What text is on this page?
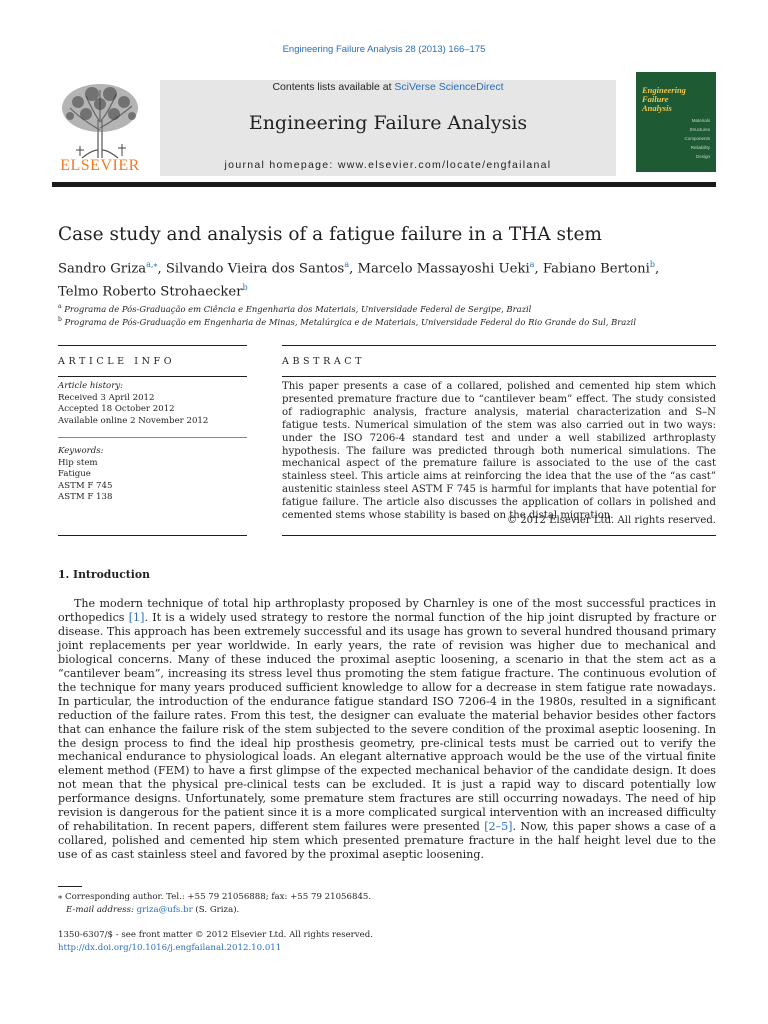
Engineering Failure Analysis 28 (2013) 166–175
ELSEVIER
Contents lists available at SciVerse ScienceDirect
Engineering Failure Analysis
journal homepage: www.elsevier.com/locate/engfailanal
Engineering
Failure
Analysis
Materials
Structures
Components
Reliability
Design
Case study and analysis of a fatigue failure in a THA stem
Sandro Griza$^{a,⁎}$, Silvando Vieira dos Santos$^a$, Marcelo Massayoshi Ueki$^a$, Fabiano Bertoni$^b$,
Telmo Roberto Strohaecker$^b$
$^a$ Programa de Pós-Graduação em Ciência e Engenharia dos Materiais, Universidade Federal de Sergipe, Brazil
$^b$ Programa de Pós-Graduação em Engenharia de Minas, Metalúrgica e de Materiais, Universidade Federal do Rio Grande do Sul, Brazil
ARTICLE INFO
Article history:
Received 3 April 2012
Accepted 18 October 2012
Available online 2 November 2012
Keywords:
Hip stem
Fatigue
ASTM F 745
ASTM F 138
ABSTRACT
This paper presents a case of a collared, polished and cemented hip stem which presented premature fracture due to “cantilever beam” effect. The study consisted of radiographic analysis, fracture analysis, material characterization and S–N fatigue tests. Numerical simulation of the stem was also carried out in two ways: under the ISO 7206-4 standard test and under a well stabilized arthroplasty hypothesis. The failure was predicted through both numerical simulations. The mechanical aspect of the premature failure is associated to the use of the cast stainless steel. This article aims at reinforcing the idea that the use of the “as cast” austenitic stainless steel ASTM F 745 is harmful for implants that have potential for fatigue failure. The article also discusses the application of collars in polished and cemented stems whose stability is based on the distal migration.
© 2012 Elsevier Ltd. All rights reserved.
1. Introduction
The modern technique of total hip arthroplasty proposed by Charnley is one of the most successful practices in orthopedics [1]. It is a widely used strategy to restore the normal function of the hip joint disrupted by fracture or disease. This approach has been extremely successful and its usage has grown to several hundred thousand primary joint replacements per year worldwide. In early years, the rate of revision was higher due to mechanical and biological concerns. Many of these induced the proximal aseptic loosening, a scenario in that the stem act as a “cantilever beam”, increasing its stress level thus promoting the stem fatigue fracture. The continuous evolution of the technique for many years produced sufficient knowledge to allow for a decrease in stem fatigue rate nowadays. In particular, the introduction of the endurance fatigue standard ISO 7206-4 in the 1980s, resulted in a significant reduction of the failure rates. From this test, the designer can evaluate the material behavior besides other factors that can enhance the failure risk of the stem subjected to the severe condition of the proximal aseptic loosening. In the design process to find the ideal hip prosthesis geometry, pre-clinical tests must be carried out to verify the mechanical endurance to physiological loads. An elegant alternative approach would be the use of the virtual finite element method (FEM) to have a first glimpse of the expected mechanical behavior of the candidate design. It does not mean that the physical pre-clinical tests can be excluded. It is just a rapid way to discard potentially low performance designs. Unfortunately, some premature stem fractures are still occurring nowadays. The need of hip revision is dangerous for the patient since it is a more complicated surgical intervention with an increased difficulty of rehabilitation. In recent papers, different stem failures were presented [2–5]. Now, this paper shows a case of a collared, polished and cemented hip stem which presented premature fracture in the half height level due to the use of as cast stainless steel and favored by the proximal aseptic loosening.
⁎ Corresponding author. Tel.: +55 79 21056888; fax: +55 79 21056845.
E-mail address: griza@ufs.br (S. Griza).
1350-6307/$ - see front matter © 2012 Elsevier Ltd. All rights reserved.
http://dx.doi.org/10.1016/j.engfailanal.2012.10.011
